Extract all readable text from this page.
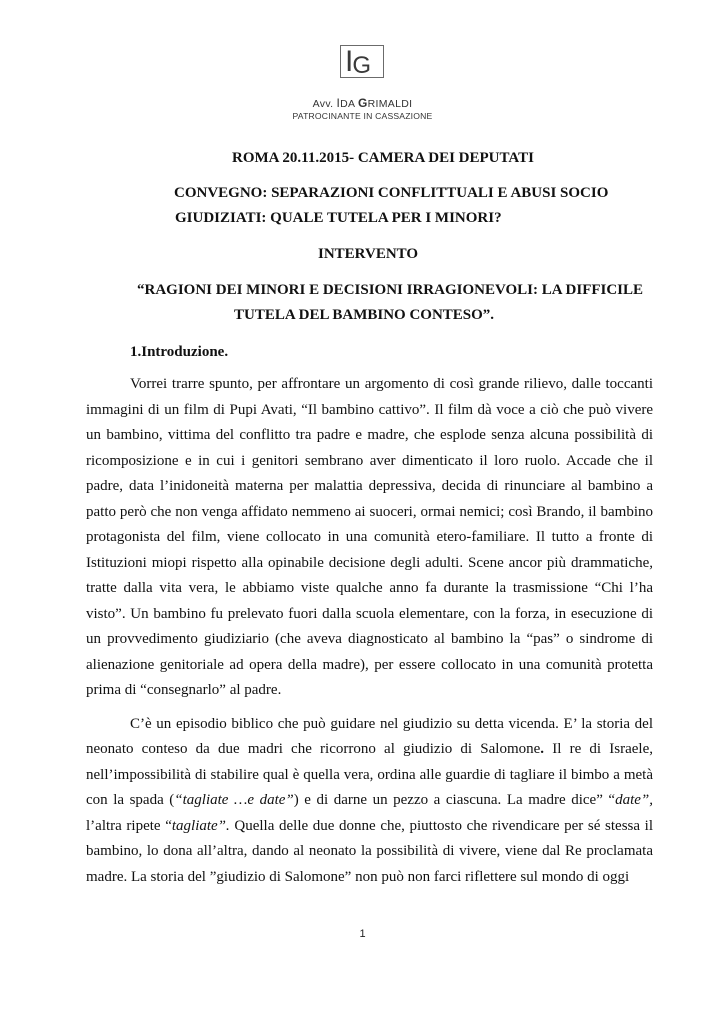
IG
Avv. IDA GRIMALDI
PATROCINANTE IN CASSAZIONE
ROMA 20.11.2015- CAMERA DEI DEPUTATI
CONVEGNO: SEPARAZIONI CONFLITTUALI E ABUSI SOCIO
GIUDIZIATI: QUALE TUTELA PER I MINORI?
INTERVENTO
“RAGIONI DEI MINORI E DECISIONI IRRAGIONEVOLI: LA DIFFICILE
TUTELA DEL BAMBINO CONTESO”.
1.Introduzione.

Vorrei trarre spunto, per affrontare un argomento di così grande rilievo, dalle toccanti immagini di un film di Pupi Avati, “Il bambino cattivo”. Il film dà voce a ciò che può vivere un bambino, vittima del conflitto tra padre e madre, che esplode senza alcuna possibilità di ricomposizione e in cui i genitori sembrano aver dimenticato il loro ruolo. Accade che il padre, data l’inidoneità materna per malattia depressiva, decida di rinunciare al bambino a patto però che non venga affidato nemmeno ai suoceri, ormai nemici; così Brando, il bambino protagonista del film, viene collocato in una comunità etero-familiare. Il tutto a fronte di Istituzioni miopi rispetto alla opinabile decisione degli adulti. Scene ancor più drammatiche, tratte dalla vita vera, le abbiamo viste qualche anno fa durante la trasmissione “Chi l’ha visto”. Un bambino fu prelevato fuori dalla scuola elementare, con la forza, in esecuzione di un provvedimento giudiziario (che aveva diagnosticato al bambino la “pas” o sindrome di alienazione genitoriale ad opera della madre), per essere collocato in una comunità protetta prima di “consegnarlo” al padre.

C’è un episodio biblico che può guidare nel giudizio su detta vicenda. E’ la storia del neonato conteso da due madri che ricorrono al giudizio di Salomone. Il re di Israele, nell’impossibilità di stabilire qual è quella vera, ordina alle guardie di tagliare il bimbo a metà con la spada (“tagliate …e date”) e di darne un pezzo a ciascuna. La madre dice” “date”, l’altra ripete “tagliate”. Quella delle due donne che, piuttosto che rivendicare per sé stessa il bambino, lo dona all’altra, dando al neonato la possibilità di vivere, viene dal Re proclamata madre. La storia del ”giudizio di Salomone” non può non farci riflettere sul mondo di oggi

1
